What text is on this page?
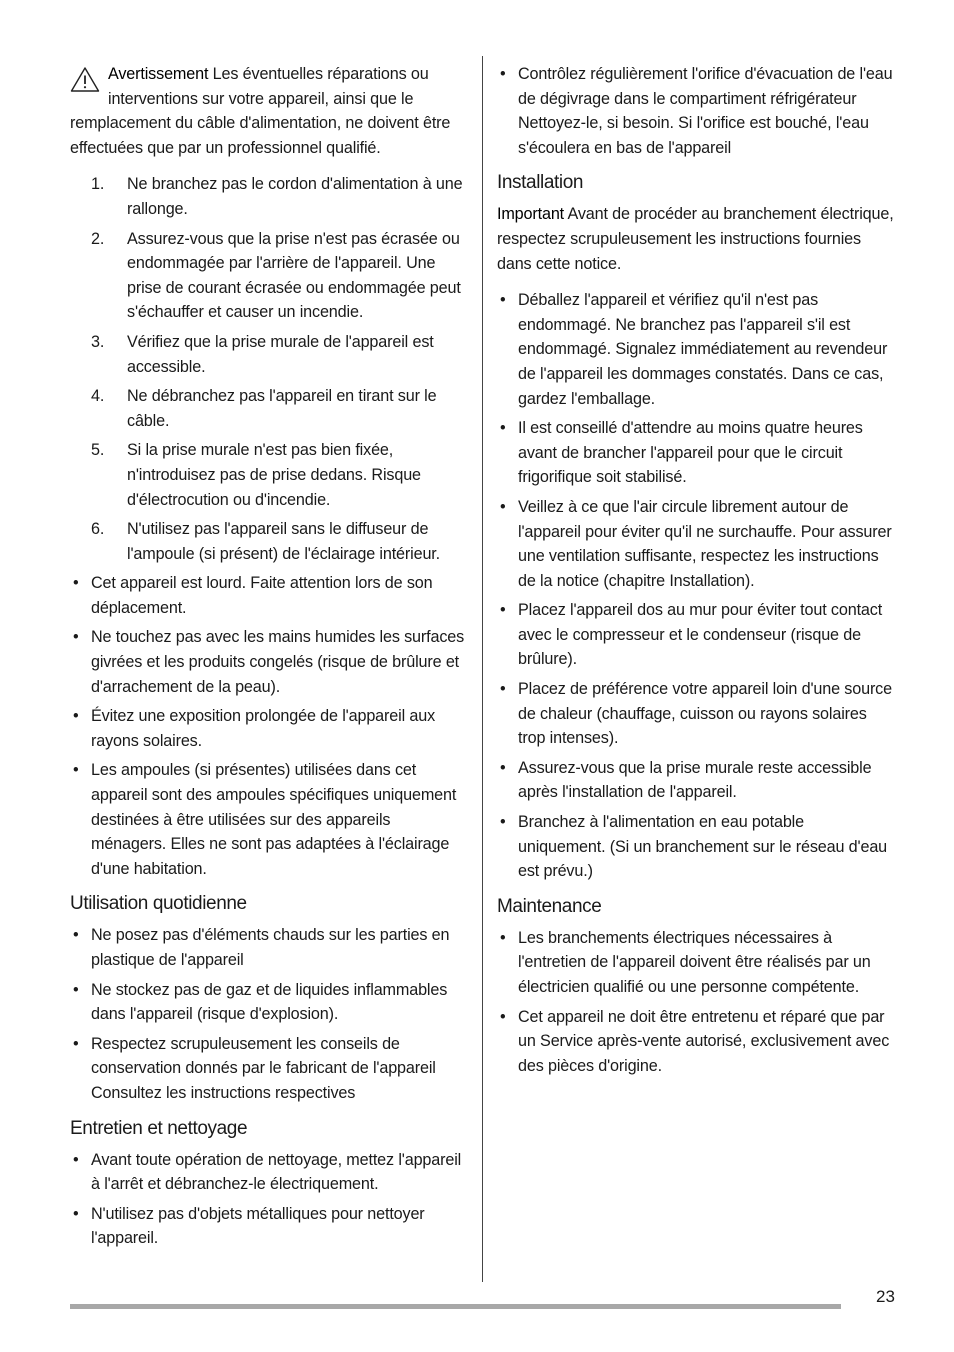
Avertissement Les éventuelles réparations ou interventions sur votre appareil, ainsi que le remplacement du câble d'alimentation, ne doivent être effectuées que par un professionnel qualifié.
1. Ne branchez pas le cordon d'alimentation à une rallonge.
2. Assurez-vous que la prise n'est pas écrasée ou endommagée par l'arrière de l'appareil. Une prise de courant écrasée ou endommagée peut s'échauffer et causer un incendie.
3. Vérifiez que la prise murale de l'appareil est accessible.
4. Ne débranchez pas l'appareil en tirant sur le câble.
5. Si la prise murale n'est pas bien fixée, n'introduisez pas de prise dedans. Risque d'électrocution ou d'incendie.
6. N'utilisez pas l'appareil sans le diffuseur de l'ampoule (si présent) de l'éclairage intérieur.
• Cet appareil est lourd. Faite attention lors de son déplacement.
• Ne touchez pas avec les mains humides les surfaces givrées et les produits congelés (risque de brûlure et d'arrachement de la peau).
• Évitez une exposition prolongée de l'appareil aux rayons solaires.
• Les ampoules (si présentes) utilisées dans cet appareil sont des ampoules spécifiques uniquement destinées à être utilisées sur des appareils ménagers. Elles ne sont pas adaptées à l'éclairage d'une habitation.
Utilisation quotidienne
• Ne posez pas d'éléments chauds sur les parties en plastique de l'appareil
• Ne stockez pas de gaz et de liquides inflammables dans l'appareil (risque d'explosion).
• Respectez scrupuleusement les conseils de conservation donnés par le fabricant de l'appareil Consultez les instructions respectives
Entretien et nettoyage
• Avant toute opération de nettoyage, mettez l'appareil à l'arrêt et débranchez-le électriquement.
• N'utilisez pas d'objets métalliques pour nettoyer l'appareil.
• Contrôlez régulièrement l'orifice d'évacuation de l'eau de dégivrage dans le compartiment réfrigérateur Nettoyez-le, si besoin. Si l'orifice est bouché, l'eau s'écoulera en bas de l'appareil
Installation

Important Avant de procéder au branchement électrique, respectez scrupuleusement les instructions fournies dans cette notice.

• Déballez l'appareil et vérifiez qu'il n'est pas endommagé. Ne branchez pas l'appareil s'il est endommagé. Signalez immédiatement au revendeur de l'appareil les dommages constatés. Dans ce cas, gardez l'emballage.
• Il est conseillé d'attendre au moins quatre heures avant de brancher l'appareil pour que le circuit frigorifique soit stabilisé.
• Veillez à ce que l'air circule librement autour de l'appareil pour éviter qu'il ne surchauffe. Pour assurer une ventilation suffisante, respectez les instructions de la notice (chapitre Installation).
• Placez l'appareil dos au mur pour éviter tout contact avec le compresseur et le condenseur (risque de brûlure).
• Placez de préférence votre appareil loin d'une source de chaleur (chauffage, cuisson ou rayons solaires trop intenses).
• Assurez-vous que la prise murale reste accessible après l'installation de l'appareil.
• Branchez à l'alimentation en eau potable uniquement. (Si un branchement sur le réseau d'eau est prévu.)
Maintenance
• Les branchements électriques nécessaires à l'entretien de l'appareil doivent être réalisés par un électricien qualifié ou une personne compétente.
• Cet appareil ne doit être entretenu et réparé que par un Service après-vente autorisé, exclusivement avec des pièces d'origine.
23
